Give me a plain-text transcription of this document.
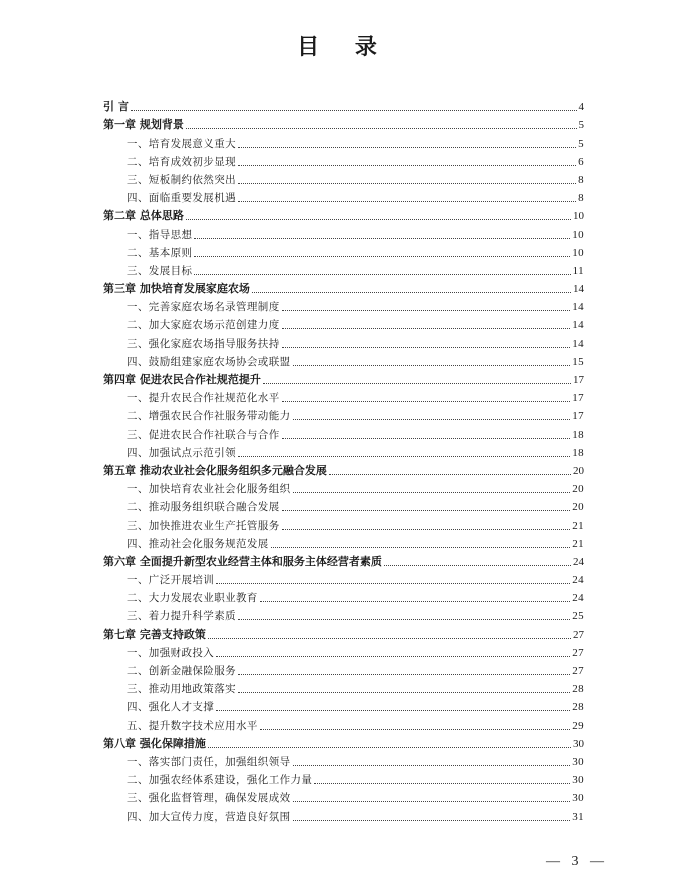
目 录
引 言	4
第一章 规划背景	5
一、培育发展意义重大	5
二、培育成效初步显现	6
三、短板制约依然突出	8
四、面临重要发展机遇	8
第二章 总体思路	10
一、指导思想	10
二、基本原则	10
三、发展目标	11
第三章 加快培育发展家庭农场	14
一、完善家庭农场名录管理制度	14
二、加大家庭农场示范创建力度	14
三、强化家庭农场指导服务扶持	14
四、鼓励组建家庭农场协会或联盟	15
第四章 促进农民合作社规范提升	17
一、提升农民合作社规范化水平	17
二、增强农民合作社服务带动能力	17
三、促进农民合作社联合与合作	18
四、加强试点示范引领	18
第五章 推动农业社会化服务组织多元融合发展	20
一、加快培育农业社会化服务组织	20
二、推动服务组织联合融合发展	20
三、加快推进农业生产托管服务	21
四、推动社会化服务规范发展	21
第六章 全面提升新型农业经营主体和服务主体经营者素质	24
一、广泛开展培训	24
二、大力发展农业职业教育	24
三、着力提升科学素质	25
第七章 完善支持政策	27
一、加强财政投入	27
二、创新金融保险服务	27
三、推动用地政策落实	28
四、强化人才支撑	28
五、提升数字技术应用水平	29
第八章 强化保障措施	30
一、落实部门责任，加强组织领导	30
二、加强农经体系建设，强化工作力量	30
三、强化监督管理，确保发展成效	30
四、加大宣传力度，营造良好氛围	31
— 3 —
